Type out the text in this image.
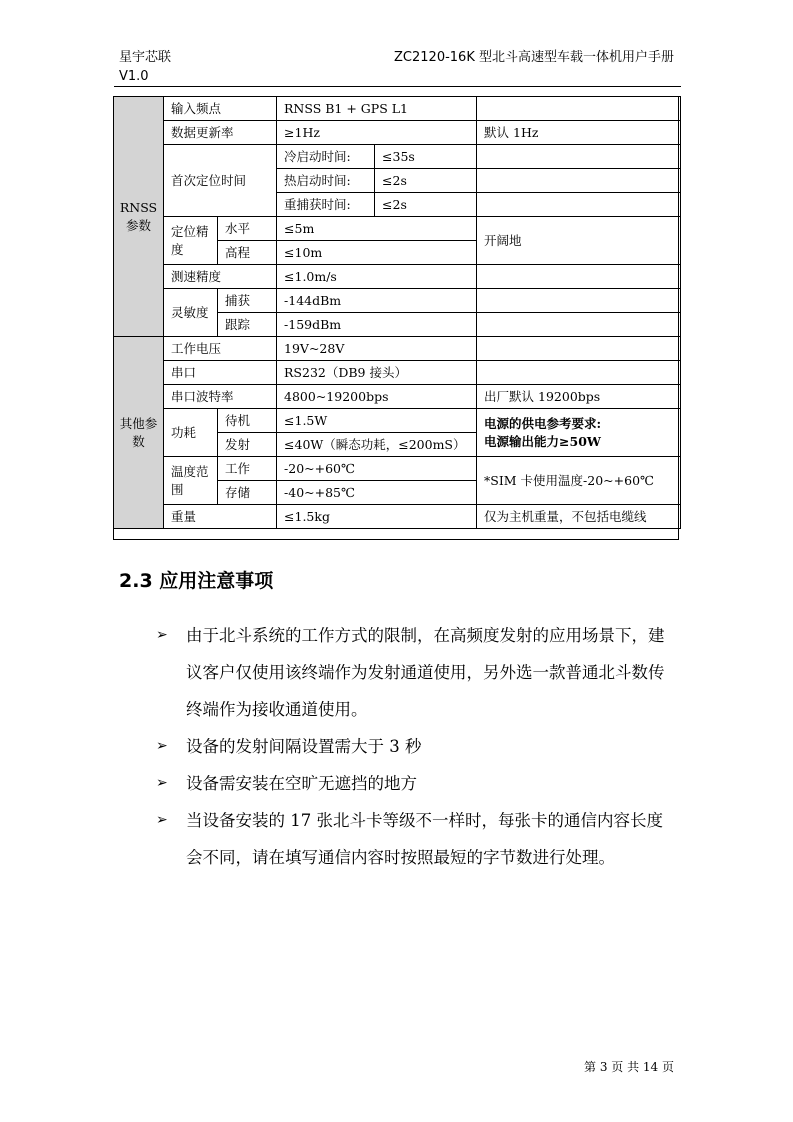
星宇芯联
V1.0
ZC2120-16K 型北斗高速型车载一体机用户手册
RNSS参数	输入频点		RNSS B1 + GPS L1		
	数据更新率		≥1Hz		默认 1Hz
	首次定位时间		冷启动时间:	≤35s	
			热启动时间:	≤2s	
			重捕获时间:	≤2s	
	定位精度	水平	≤5m		开阔地
		高程	≤10m		
	测速精度		≤1.0m/s		
	灵敏度	捕获	-144dBm		
		跟踪	-159dBm		
其他参数	工作电压		19V~28V		
	串口		RS232（DB9 接头）		
	串口波特率		4800~19200bps		出厂默认 19200bps
	功耗	待机	≤1.5W		电源的供电参考要求:
电源输出能力≥50W
		发射	≤40W（瞬态功耗，≤200mS）		
	温度范围	工作	-20~+60℃		*SIM 卡使用温度-20~+60℃
		存储	-40~+85℃		
	重量		≤1.5kg		仅为主机重量，不包括电缆线
2.3 应用注意事项
➢ 由于北斗系统的工作方式的限制，在高频度发射的应用场景下，建议客户仅使用该终端作为发射通道使用，另外选一款普通北斗数传终端作为接收通道使用。
➢ 设备的发射间隔设置需大于 3 秒
➢ 设备需安装在空旷无遮挡的地方
➢ 当设备安装的 17 张北斗卡等级不一样时，每张卡的通信内容长度会不同，请在填写通信内容时按照最短的字节数进行处理。
第 3 页 共 14 页
